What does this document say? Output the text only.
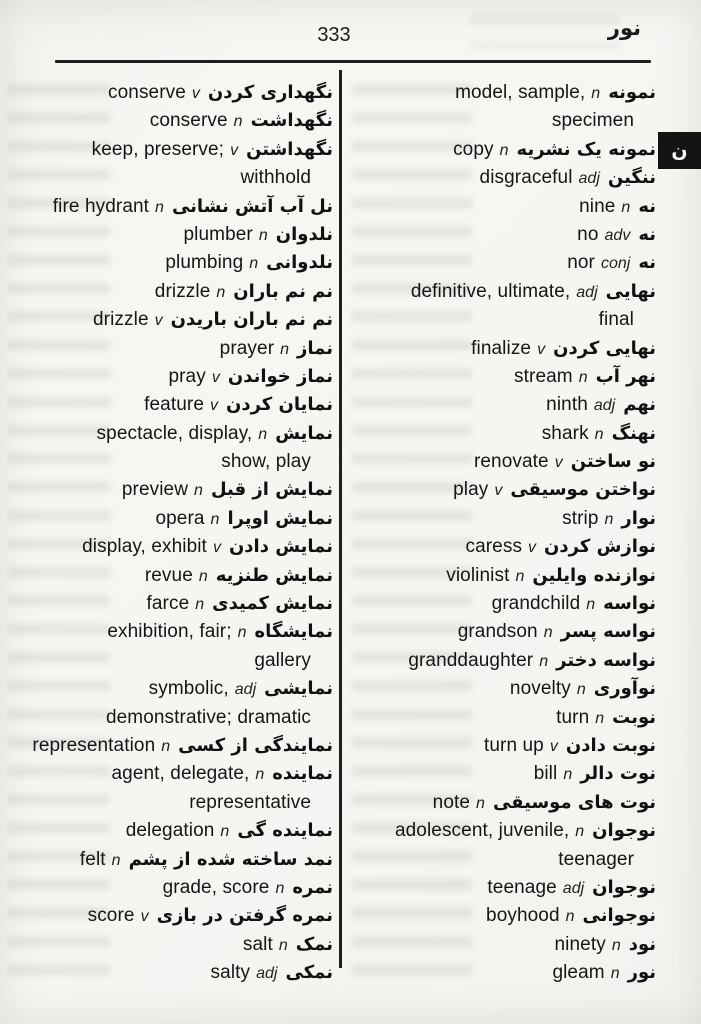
333	نور
ن
conserve v نگهداری کردن
conserve n نگهداشت
keep, preserve; v نگهداشتن
withhold
fire hydrant n نل آب آتش نشانی
plumber n نلدوان
plumbing n نلدوانی
drizzle n نم نم باران
drizzle v نم نم باران باریدن
prayer n نماز
pray v نماز خواندن
feature v نمایان کردن
spectacle, display, n نمایش
show, play
preview n نمایش از قبل
opera n نمایش اوپرا
display, exhibit v نمایش دادن
revue n نمایش طنزیه
farce n نمایش کمیدی
exhibition, fair; n نمایشگاه
gallery
symbolic, adj نمایشی
demonstrative; dramatic
representation n نمایندگی از کسی
agent, delegate, n نماینده
representative
delegation n نماینده گی
felt n نمد ساخته شده از پشم
grade, score n نمره
score v نمره گرفتن در بازی
salt n نمک
salty adj نمکی
model, sample, n نمونه
specimen
copy n نمونه یک نشریه
disgraceful adj ننگین
nine n نه
no adv نه
nor conj نه
definitive, ultimate, adj نهایی
final
finalize v نهایی کردن
stream n نهر آب
ninth adj نهم
shark n نهنگ
renovate v نو ساختن
play v نواختن موسیقی
strip n نوار
caress v نوازش کردن
violinist n نوازنده وایلین
grandchild n نواسه
grandson n نواسه پسر
granddaughter n نواسه دختر
novelty n نوآوری
turn n نوبت
turn up v نوبت دادن
bill n نوت دالر
note n نوت های موسیقی
adolescent, juvenile, n نوجوان
teenager
teenage adj نوجوان
boyhood n نوجوانی
ninety n نود
gleam n نور
